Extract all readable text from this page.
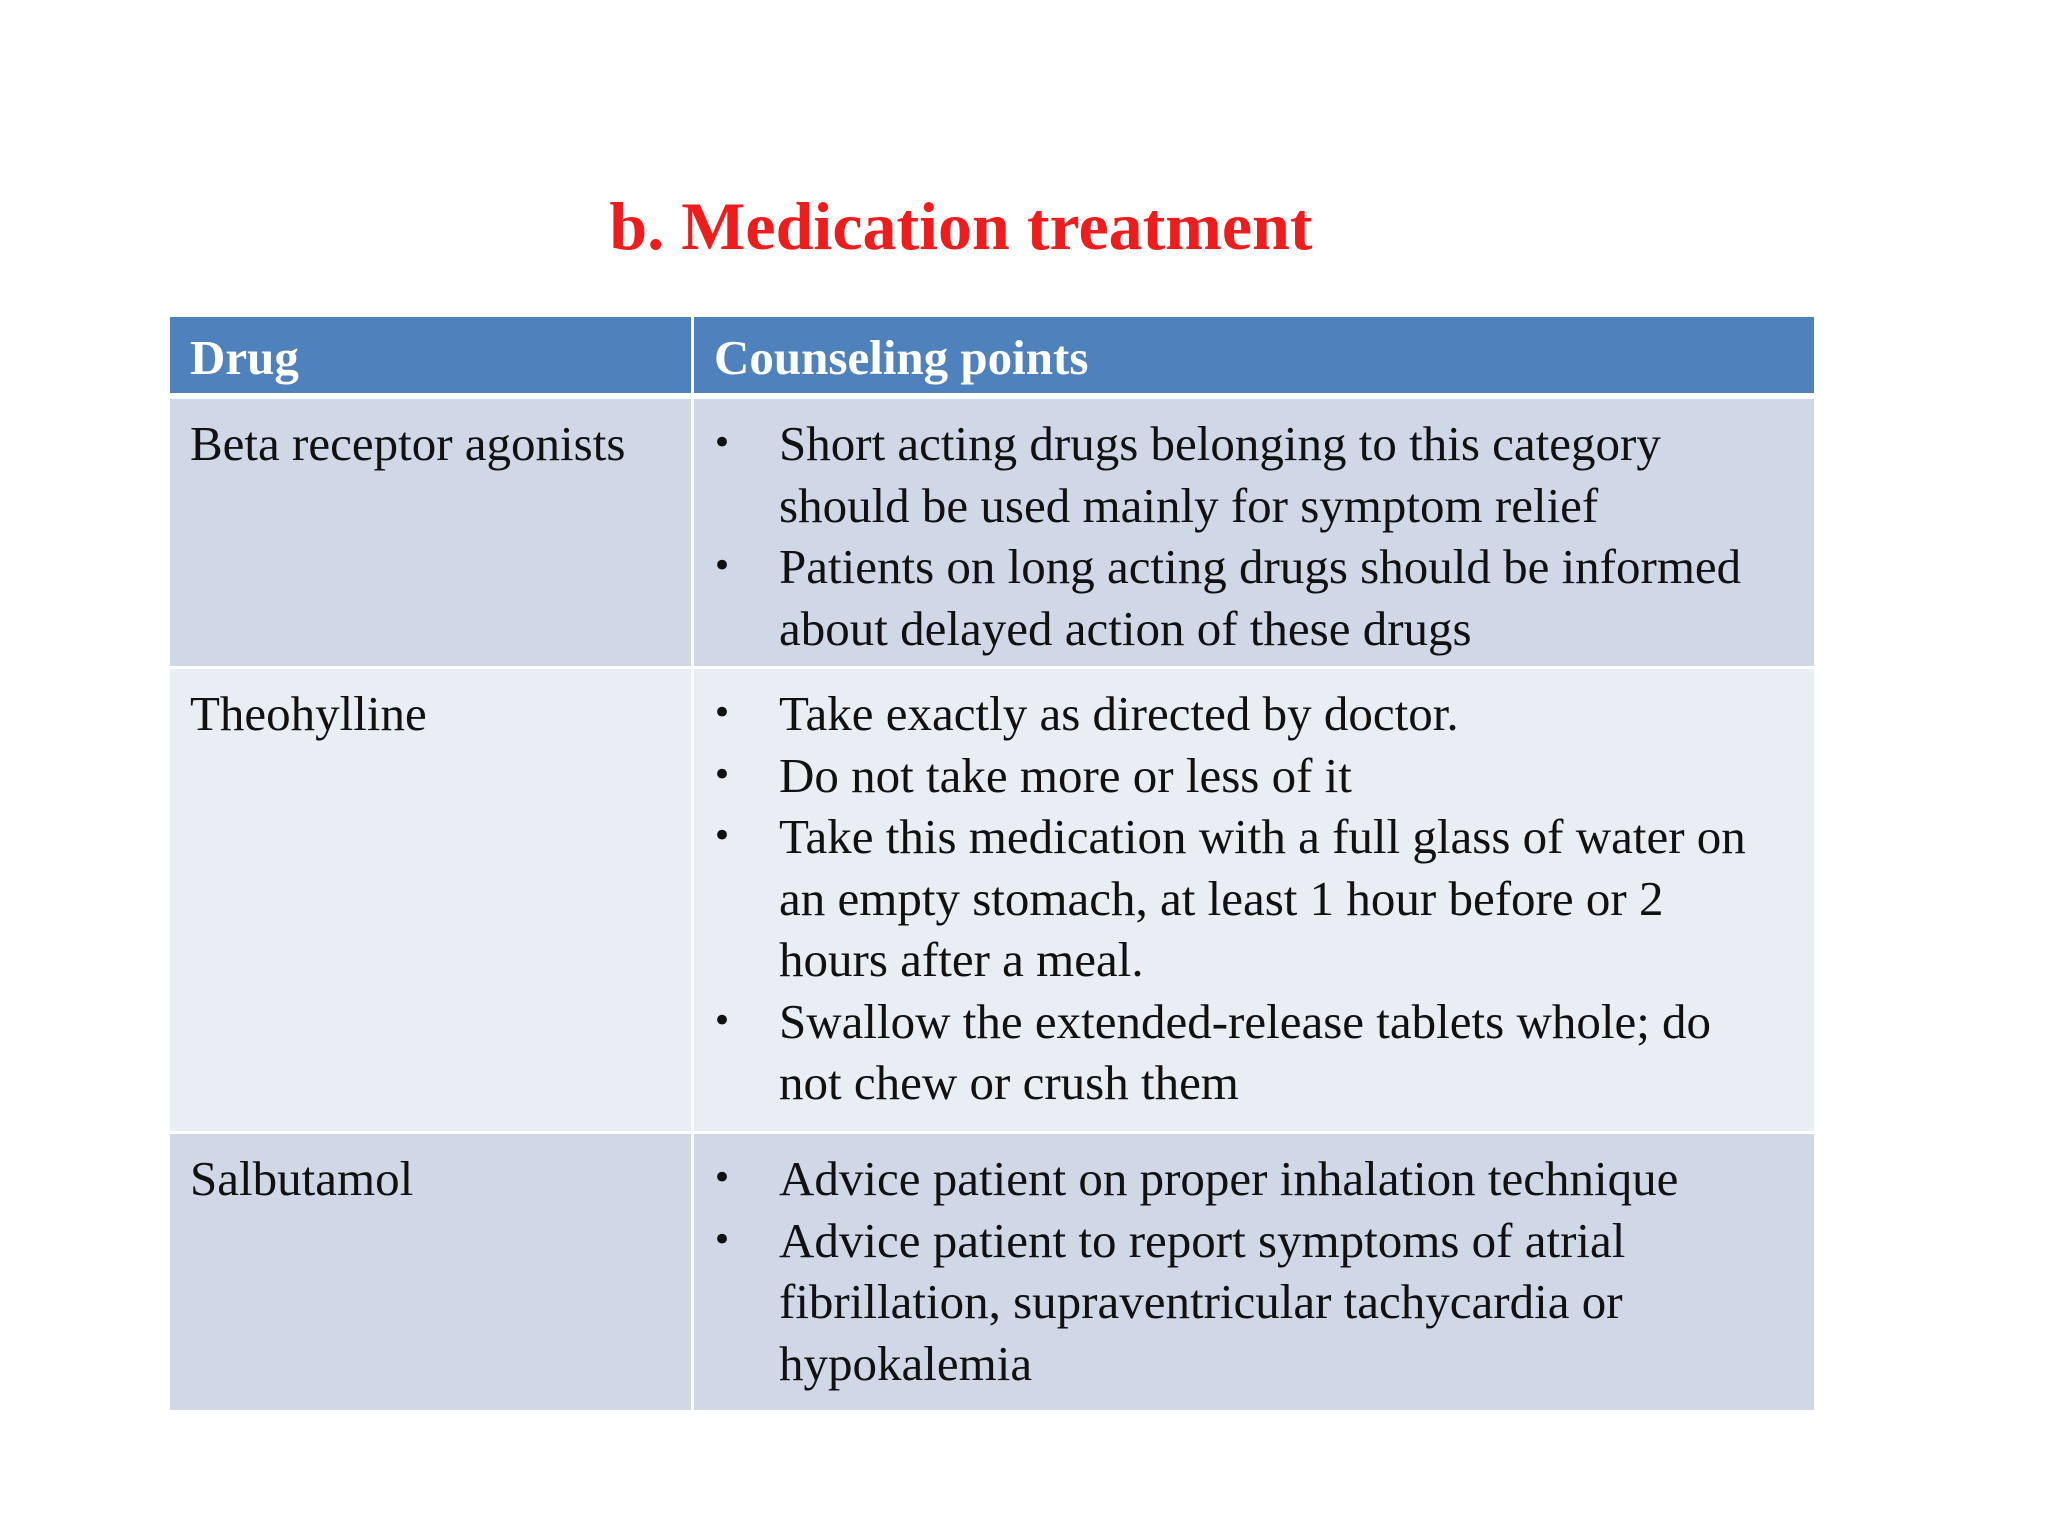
b. Medication treatment
Drug	Counseling points
Beta receptor agonists	• Short acting drugs belonging to this category should be used mainly for symptom relief
• Patients on long acting drugs should be informed about delayed action of these drugs
Theohylline	• Take exactly as directed by doctor.
• Do not take more or less of it
• Take this medication with a full glass of water on an empty stomach, at least 1 hour before or 2 hours after a meal.
• Swallow the extended-release tablets whole; do not chew or crush them
Salbutamol	• Advice patient on proper inhalation technique
• Advice patient to report symptoms of atrial fibrillation, supraventricular tachycardia or hypokalemia
